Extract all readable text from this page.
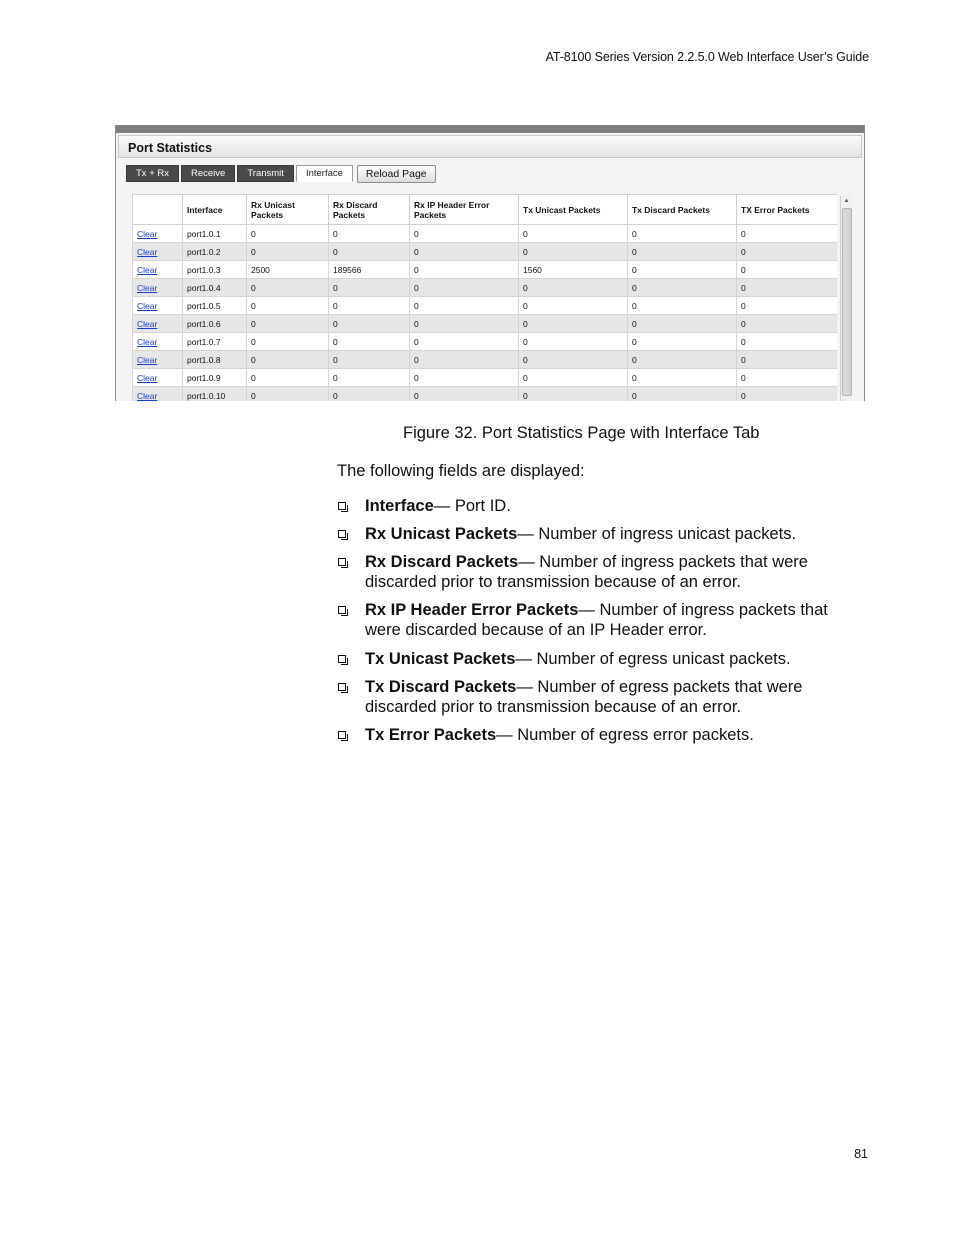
AT-8100 Series Version 2.2.5.0 Web Interface User’s Guide
Port Statistics
Tx + Rx	Receive	Transmit	Interface	Reload Page
	Interface	Rx Unicast Packets	Rx Discard Packets	Rx IP Header Error Packets	Tx Unicast Packets	Tx Discard Packets	TX Error Packets
Clear	port1.0.1	0	0	0	0	0	0
Clear	port1.0.2	0	0	0	0	0	0
Clear	port1.0.3	2500	189566	0	1560	0	0
Clear	port1.0.4	0	0	0	0	0	0
Clear	port1.0.5	0	0	0	0	0	0
Clear	port1.0.6	0	0	0	0	0	0
Clear	port1.0.7	0	0	0	0	0	0
Clear	port1.0.8	0	0	0	0	0	0
Clear	port1.0.9	0	0	0	0	0	0
Clear	port1.0.10	0	0	0	0	0	0
▲
Figure 32. Port Statistics Page with Interface Tab
The following fields are displayed:
Interface— Port ID.
Rx Unicast Packets— Number of ingress unicast packets.
Rx Discard Packets— Number of ingress packets that were discarded prior to transmission because of an error.
Rx IP Header Error Packets— Number of ingress packets that were discarded because of an IP Header error.
Tx Unicast Packets— Number of egress unicast packets.
Tx Discard Packets— Number of egress packets that were discarded prior to transmission because of an error.
Tx Error Packets— Number of egress error packets.
81
